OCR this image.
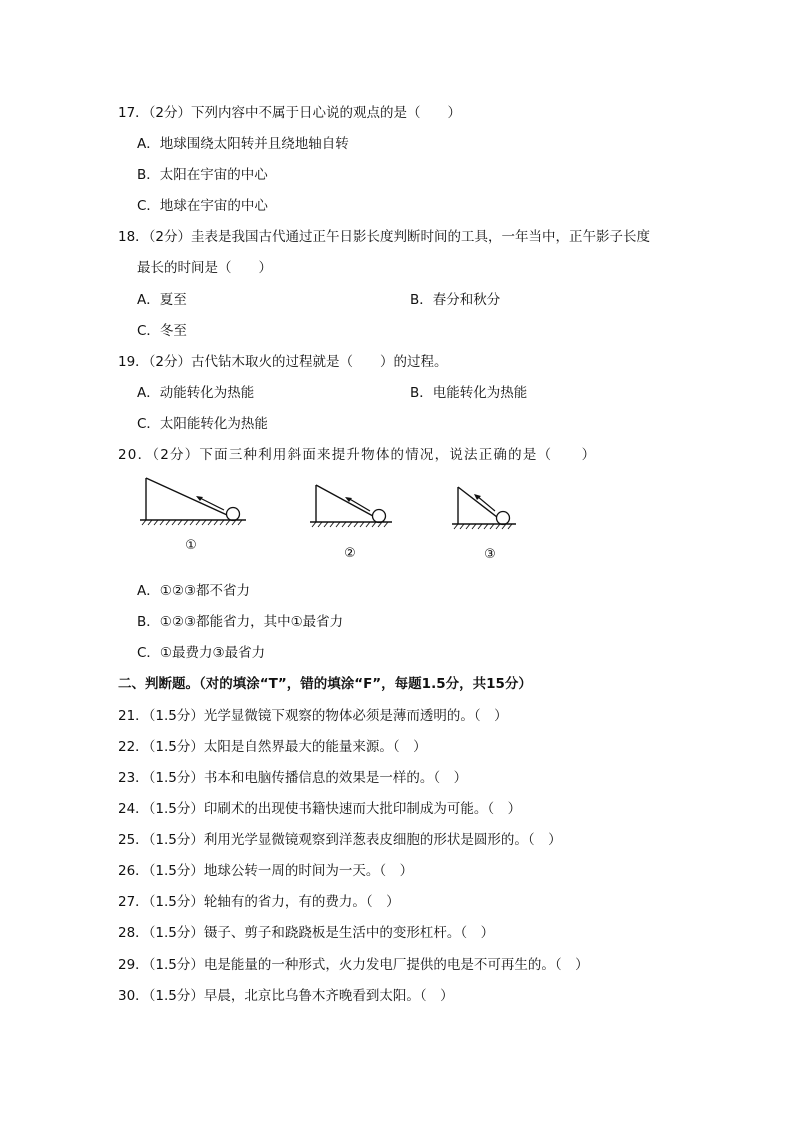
17．（2分）下列内容中不属于日心说的观点的是（　　）
A．地球围绕太阳转并且绕地轴自转
B．太阳在宇宙的中心
C．地球在宇宙的中心
18．（2分）圭表是我国古代通过正午日影长度判断时间的工具，一年当中，正午影子长度
最长的时间是（　　）
A．夏至	B．春分和秋分
C．冬至
19．（2分）古代钻木取火的过程就是（　　）的过程。
A．动能转化为热能	B．电能转化为热能
C．太阳能转化为热能
20．（2分）下面三种利用斜面来提升物体的情况，说法正确的是（　　）
①
②	③
A．①②③都不省力
B．①②③都能省力，其中①最省力
C．①最费力③最省力
二、判断题。（对的填涂“T”，错的填涂“F”，每题1.5分，共15分）
21．（1.5分）光学显微镜下观察的物体必须是薄而透明的。（　）
22．（1.5分）太阳是自然界最大的能量来源。（　）
23．（1.5分）书本和电脑传播信息的效果是一样的。（　）
24．（1.5分）印刷术的出现使书籍快速而大批印制成为可能。（　）
25．（1.5分）利用光学显微镜观察到洋葱表皮细胞的形状是圆形的。（　）
26．（1.5分）地球公转一周的时间为一天。（　）
27．（1.5分）轮轴有的省力，有的费力。（　）
28．（1.5分）镊子、剪子和跷跷板是生活中的变形杠杆。（　）
29．（1.5分）电是能量的一种形式，火力发电厂提供的电是不可再生的。（　）
30．（1.5分）早晨，北京比乌鲁木齐晚看到太阳。（　）
